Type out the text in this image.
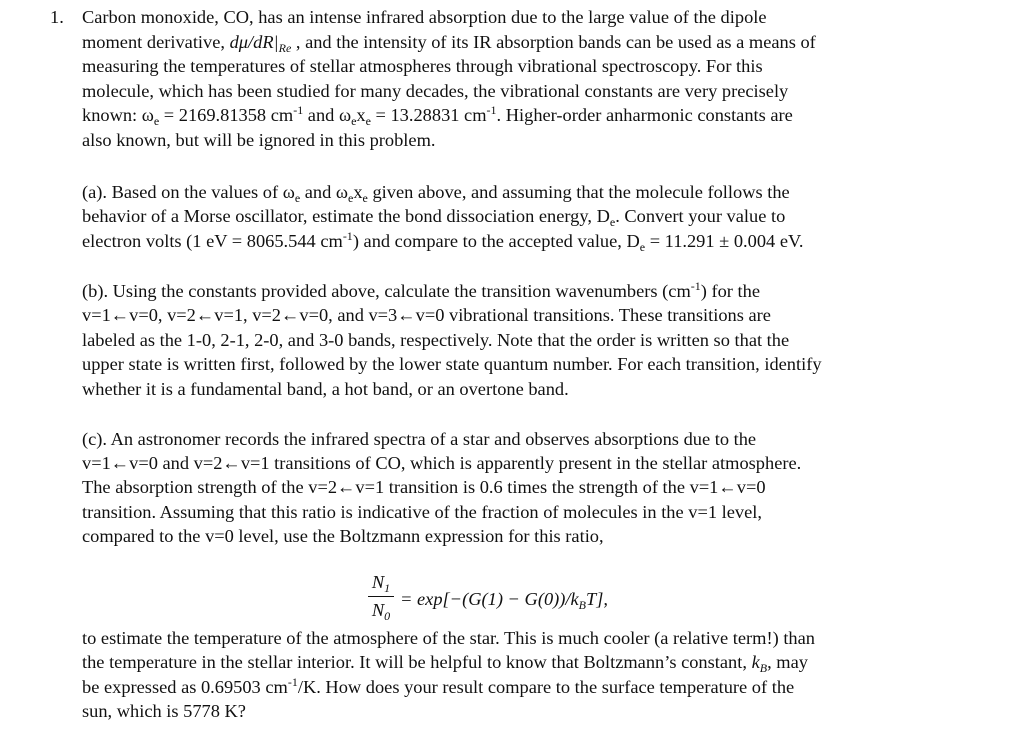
1. Carbon monoxide, CO, has an intense infrared absorption due to the large value of the dipole
moment derivative, $d\mu/dR|_{Re}$ , and the intensity of its IR absorption bands can be used as a means of
measuring the temperatures of stellar atmospheres through vibrational spectroscopy. For this
molecule, which has been studied for many decades, the vibrational constants are very precisely
known: $\omega_e = 2169.81358$ $cm^{-1}$ and $\omega_ex_e = 13.28831$ $cm^{-1}$. Higher-order anharmonic constants are
also known, but will be ignored in this problem.
(a). Based on the values of $\omega_e$ and $\omega_ex_e$ given above, and assuming that the molecule follows the
behavior of a Morse oscillator, estimate the bond dissociation energy, $D_e$. Convert your value to
electron volts (1 eV = 8065.544 $cm^{-1}$) and compare to the accepted value, $D_e = 11.291 \pm 0.004$ eV.
(b). Using the constants provided above, calculate the transition wavenumbers $(cm^{-1})$ for the
v=1←v=0, v=2←v=1, v=2←v=0, and v=3←v=0 vibrational transitions. These transitions are
labeled as the 1-0, 2-1, 2-0, and 3-0 bands, respectively. Note that the order is written so that the
upper state is written first, followed by the lower state quantum number. For each transition, identify
whether it is a fundamental band, a hot band, or an overtone band.
(c). An astronomer records the infrared spectra of a star and observes absorptions due to the
v=1←v=0 and v=2←v=1 transitions of CO, which is apparently present in the stellar atmosphere.
The absorption strength of the v=2←v=1 transition is 0.6 times the strength of the v=1←v=0
transition. Assuming that this ratio is indicative of the fraction of molecules in the v=1 level,
compared to the v=0 level, use the Boltzmann expression for this ratio,
$N_1$
$N_0$
= $\exp[-(G(1) - G(0))/k_BT]$,
to estimate the temperature of the atmosphere of the star. This is much cooler (a relative term!) than
the temperature in the stellar interior. It will be helpful to know that Boltzmann’s constant, $k_B$, may
be expressed as 0.69503 $cm^{-1}/K$. How does your result compare to the surface temperature of the
sun, which is 5778 K?
